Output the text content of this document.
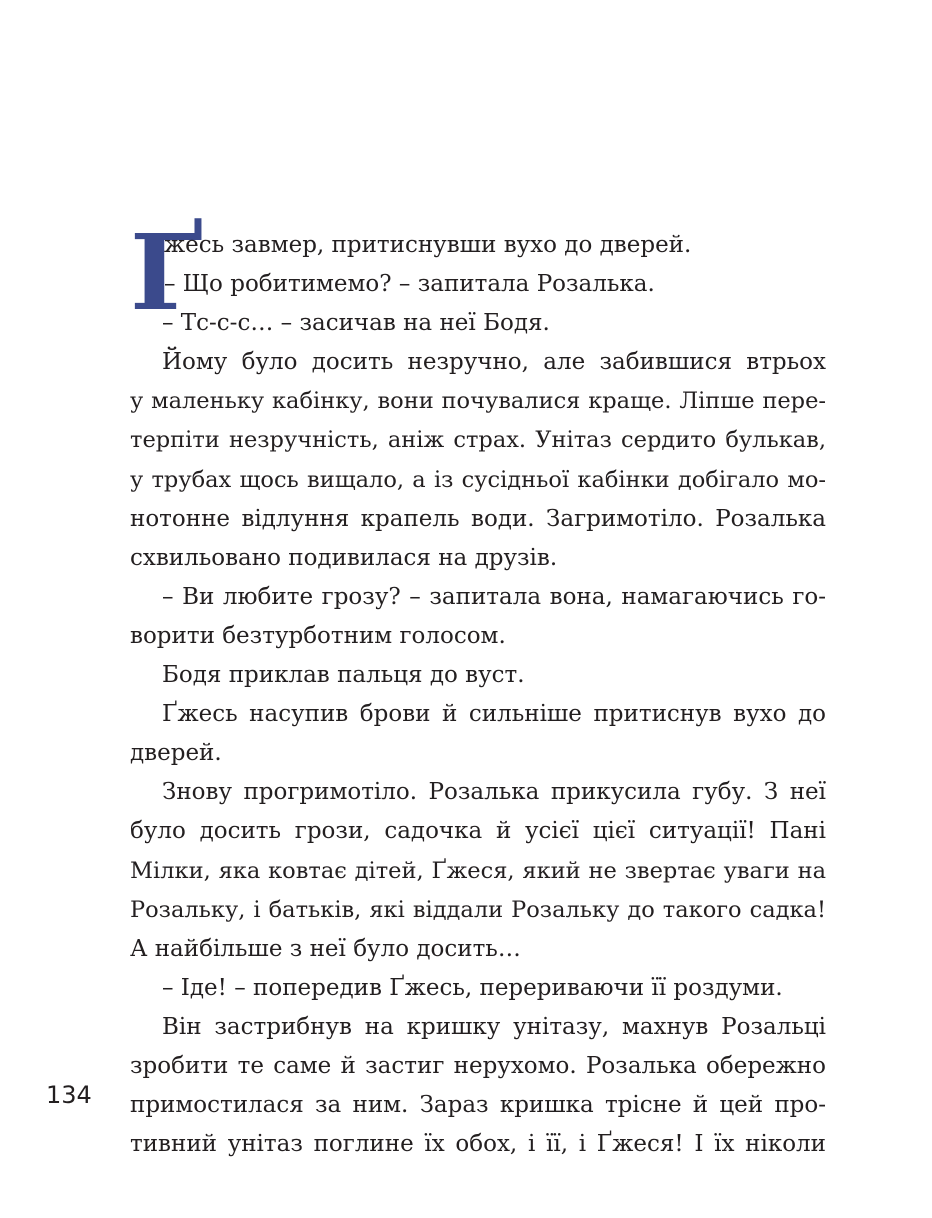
Ґ
жесь завмер, притиснувши вухо до дверей.
– Що робитимемо? – запитала Розалька.
– Тс-с-с… – засичав на неї Бодя.
Йому було досить незручно, але забившися втрьох
у маленьку кабінку, вони почувалися краще. Ліпше пере-
терпіти незручність, аніж страх. Унітаз сердито булькав,
у трубах щось вищало, а із сусідньої кабінки добігало мо-
нотонне відлуння крапель води. Загримотіло. Розалька
схвильовано подивилася на друзів.
– Ви любите грозу? – запитала вона, намагаючись го-
ворити безтурботним голосом.
Бодя приклав пальця до вуст.
Ґжесь насупив брови й сильніше притиснув вухо до
дверей.
Знову прогримотіло. Розалька прикусила губу. З неї
було досить грози, садочка й усієї цієї ситуації! Пані
Мілки, яка ковтає дітей, Ґжеся, який не звертає уваги на
Розальку, і батьків, які віддали Розальку до такого садка!
А найбільше з неї було досить…
– Іде! – попередив Ґжесь, перериваючи її роздуми.
Він застрибнув на кришку унітазу, махнув Розальці
зробити те саме й застиг нерухомо. Розалька обережно
примостилася за ним. Зараз кришка трісне й цей про-
тивний унітаз поглине їх обох, і її, і Ґжеся! І їх ніколи
134
